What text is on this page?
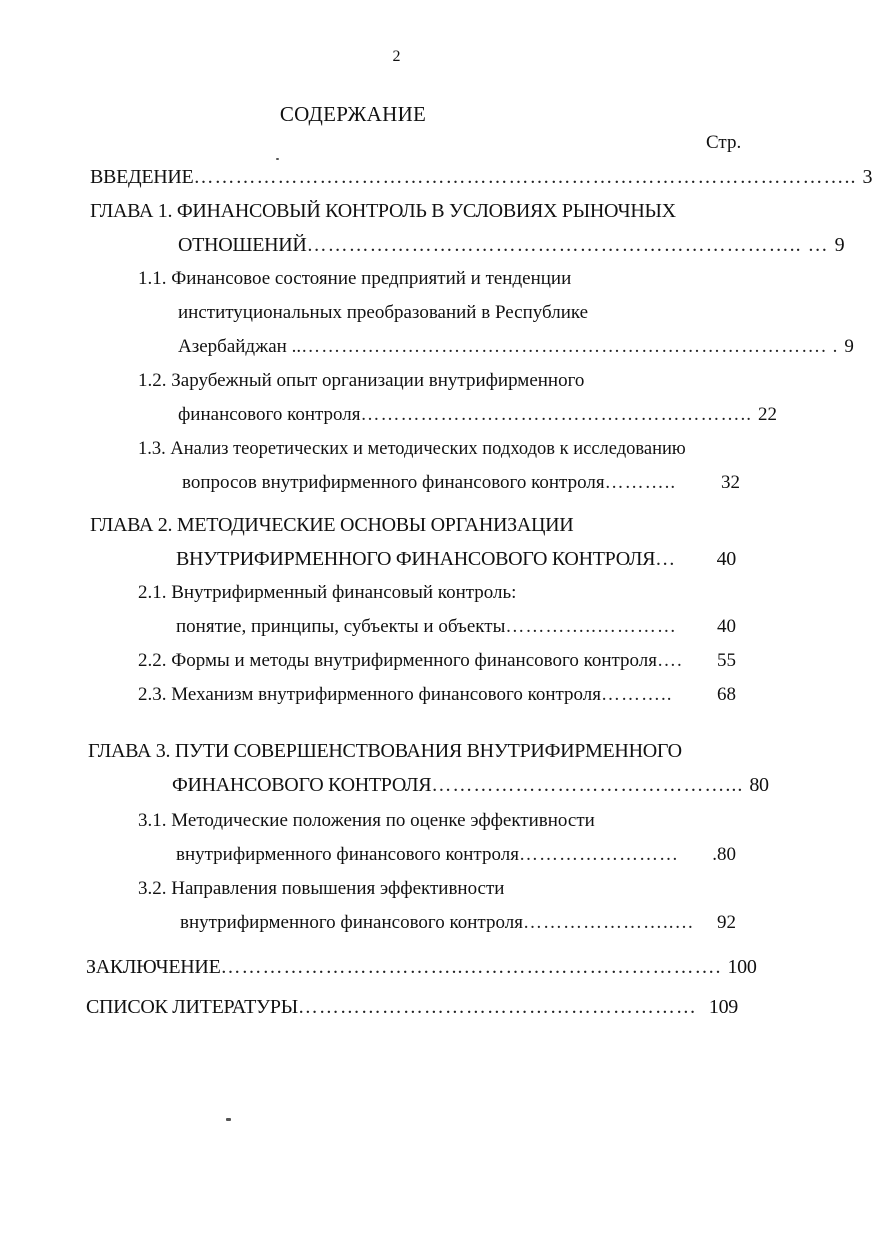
2
СОДЕРЖАНИЕ
Стр.
ВВЕДЕНИЕ ………………………………………………………………………………….. 3
ГЛАВА 1. ФИНАНСОВЫЙ КОНТРОЛЬ В УСЛОВИЯХ РЫНОЧНЫХ
ОТНОШЕНИЙ …………………………………………………………….. … 9
1.1. Финансовое состояние предприятий и тенденции
институциональных преобразований в Республике
Азербайджан .. ……………………………………………………………………. . 9
1.2. Зарубежный опыт организации внутрифирменного
финансового контроля ………………………………………………….. 22
1.3. Анализ теоретических и методических подходов к исследованию
вопросов внутрифирменного финансового контроля ………..	32
ГЛАВА 2. МЕТОДИЧЕСКИЕ ОСНОВЫ ОРГАНИЗАЦИИ
ВНУТРИФИРМЕННОГО ФИНАНСОВОГО КОНТРОЛЯ …	40
2.1. Внутрифирменный финансовый контроль:
понятие, принципы, субъекты и объекты …………..…………	40
2.2. Формы и методы внутрифирменного финансового контроля ….	55
2.3. Механизм внутрифирменного финансового контроля ………..	68
ГЛАВА 3. ПУТИ СОВЕРШЕНСТВОВАНИЯ ВНУТРИФИРМЕННОГО
ФИНАНСОВОГО КОНТРОЛЯ ……………………………………... 80
3.1. Методические положения по оценке эффективности
внутрифирменного финансового контроля ……………………	.80
3.2. Направления повышения эффективности
внутрифирменного финансового контроля …………………..…	92
ЗАКЛЮЧЕНИЕ ……………………………..………………………………. 100
СПИСОК ЛИТЕРАТУРЫ ………………………………………………… 109
